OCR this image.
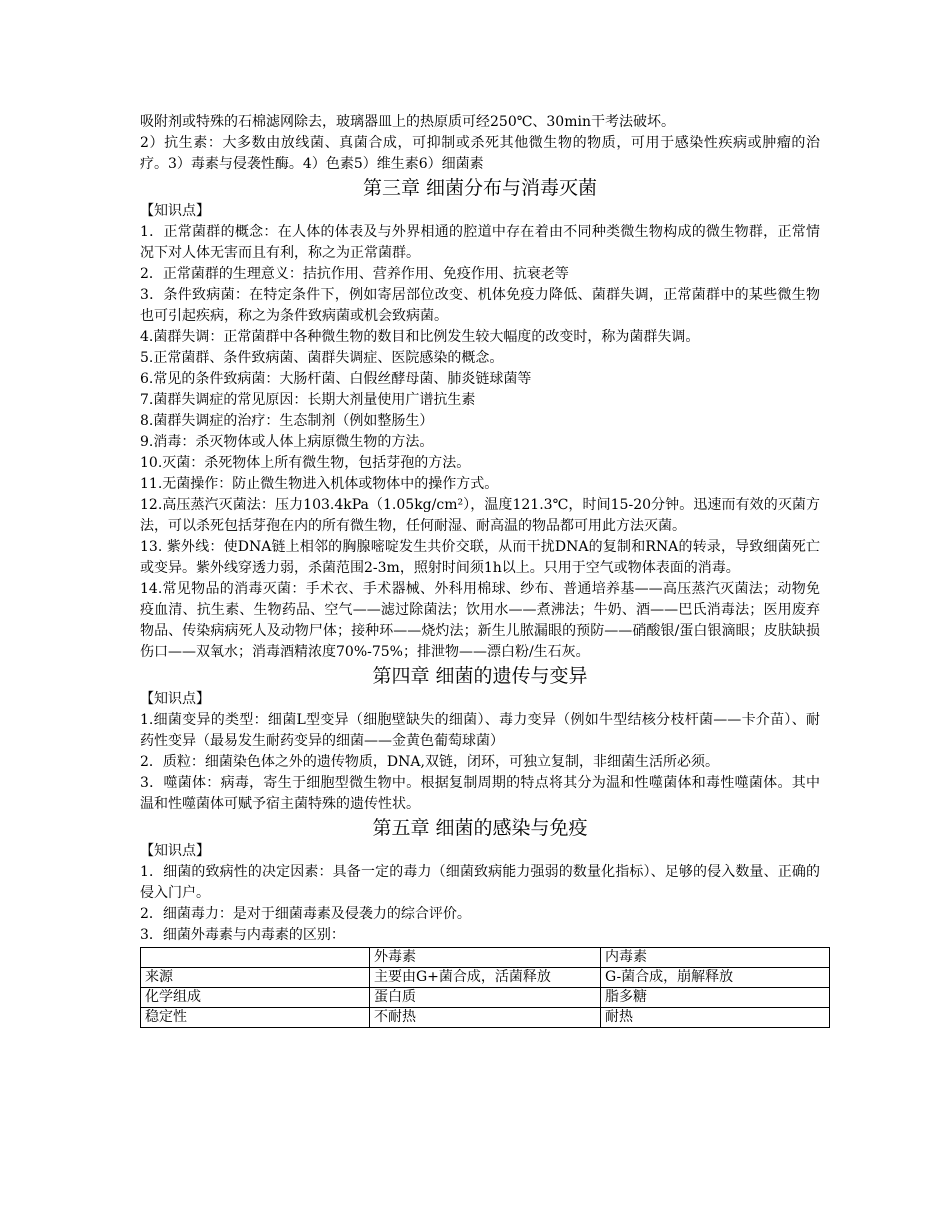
吸附剂或特殊的石棉滤网除去，玻璃器皿上的热原质可经250℃、30min干考法破坏。

2）抗生素：大多数由放线菌、真菌合成，可抑制或杀死其他微生物的物质，可用于感染性疾病或肿瘤的治疗。3）毒素与侵袭性酶。4）色素5）维生素6）细菌素

第三章 细菌分布与消毒灭菌

【知识点】

1．正常菌群的概念：在人体的体表及与外界相通的腔道中存在着由不同种类微生物构成的微生物群，正常情况下对人体无害而且有利，称之为正常菌群。

2．正常菌群的生理意义：拮抗作用、营养作用、免疫作用、抗衰老等

3．条件致病菌：在特定条件下，例如寄居部位改变、机体免疫力降低、菌群失调，正常菌群中的某些微生物也可引起疾病，称之为条件致病菌或机会致病菌。

4.菌群失调：正常菌群中各种微生物的数目和比例发生较大幅度的改变时，称为菌群失调。

5.正常菌群、条件致病菌、菌群失调症、医院感染的概念。

6.常见的条件致病菌：大肠杆菌、白假丝酵母菌、肺炎链球菌等

7.菌群失调症的常见原因：长期大剂量使用广谱抗生素

8.菌群失调症的治疗：生态制剂（例如整肠生）

9.消毒：杀灭物体或人体上病原微生物的方法。

10.灭菌：杀死物体上所有微生物，包括芽孢的方法。

11.无菌操作：防止微生物进入机体或物体中的操作方式。

12.高压蒸汽灭菌法：压力103.4kPa（1.05kg/cm²），温度121.3℃，时间15-20分钟。迅速而有效的灭菌方法，可以杀死包括芽孢在内的所有微生物，任何耐湿、耐高温的物品都可用此方法灭菌。

13. 紫外线：使DNA链上相邻的胸腺嘧啶发生共价交联，从而干扰DNA的复制和RNA的转录，导致细菌死亡或变异。紫外线穿透力弱，杀菌范围2-3m，照射时间须1h以上。只用于空气或物体表面的消毒。

14.常见物品的消毒灭菌：手术衣、手术器械、外科用棉球、纱布、普通培养基——高压蒸汽灭菌法；动物免疫血清、抗生素、生物药品、空气——滤过除菌法；饮用水——煮沸法；牛奶、酒——巴氏消毒法；医用废弃物品、传染病病死人及动物尸体；接种环——烧灼法；新生儿脓漏眼的预防——硝酸银/蛋白银滴眼；皮肤缺损伤口——双氧水；消毒酒精浓度70%-75%；排泄物——漂白粉/生石灰。

第四章 细菌的遗传与变异

【知识点】

1.细菌变异的类型：细菌L型变异（细胞壁缺失的细菌）、毒力变异（例如牛型结核分枝杆菌——卡介苗）、耐药性变异（最易发生耐药变异的细菌——金黄色葡萄球菌）

2．质粒：细菌染色体之外的遗传物质，DNA,双链，闭环，可独立复制，非细菌生活所必须。

3．噬菌体：病毒，寄生于细胞型微生物中。根据复制周期的特点将其分为温和性噬菌体和毒性噬菌体。其中温和性噬菌体可赋予宿主菌特殊的遗传性状。

第五章 细菌的感染与免疫

【知识点】

1．细菌的致病性的决定因素：具备一定的毒力（细菌致病能力强弱的数量化指标）、足够的侵入数量、正确的侵入门户。

2．细菌毒力：是对于细菌毒素及侵袭力的综合评价。

3．细菌外毒素与内毒素的区别：

	外毒素	内毒素
来源	主要由G+菌合成，活菌释放	G-菌合成，崩解释放
化学组成	蛋白质	脂多糖
稳定性	不耐热	耐热
